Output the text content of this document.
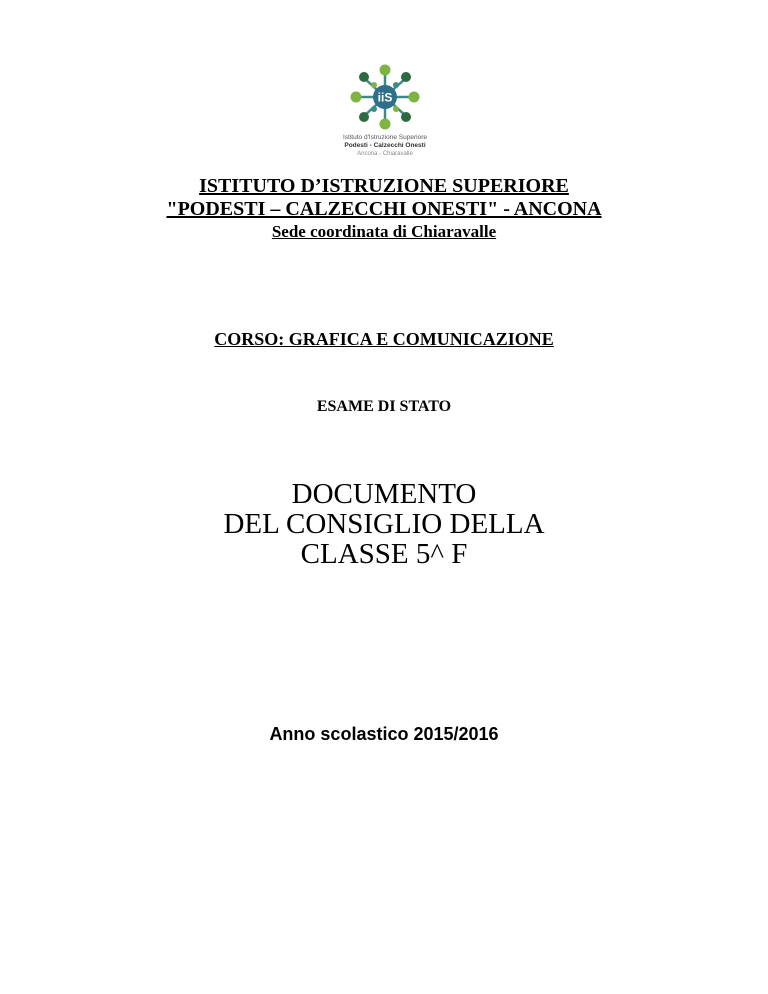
iiS
Istituto d'Istruzione Superiore
Podesti - Calzecchi Onesti
Ancona - Chiaravalle
ISTITUTO D’ISTRUZIONE SUPERIORE
"PODESTI – CALZECCHI ONESTI" - ANCONA
Sede coordinata di Chiaravalle
CORSO: GRAFICA E COMUNICAZIONE
ESAME DI STATO
DOCUMENTO
DEL CONSIGLIO DELLA
CLASSE 5^ F
Anno scolastico 2015/2016
